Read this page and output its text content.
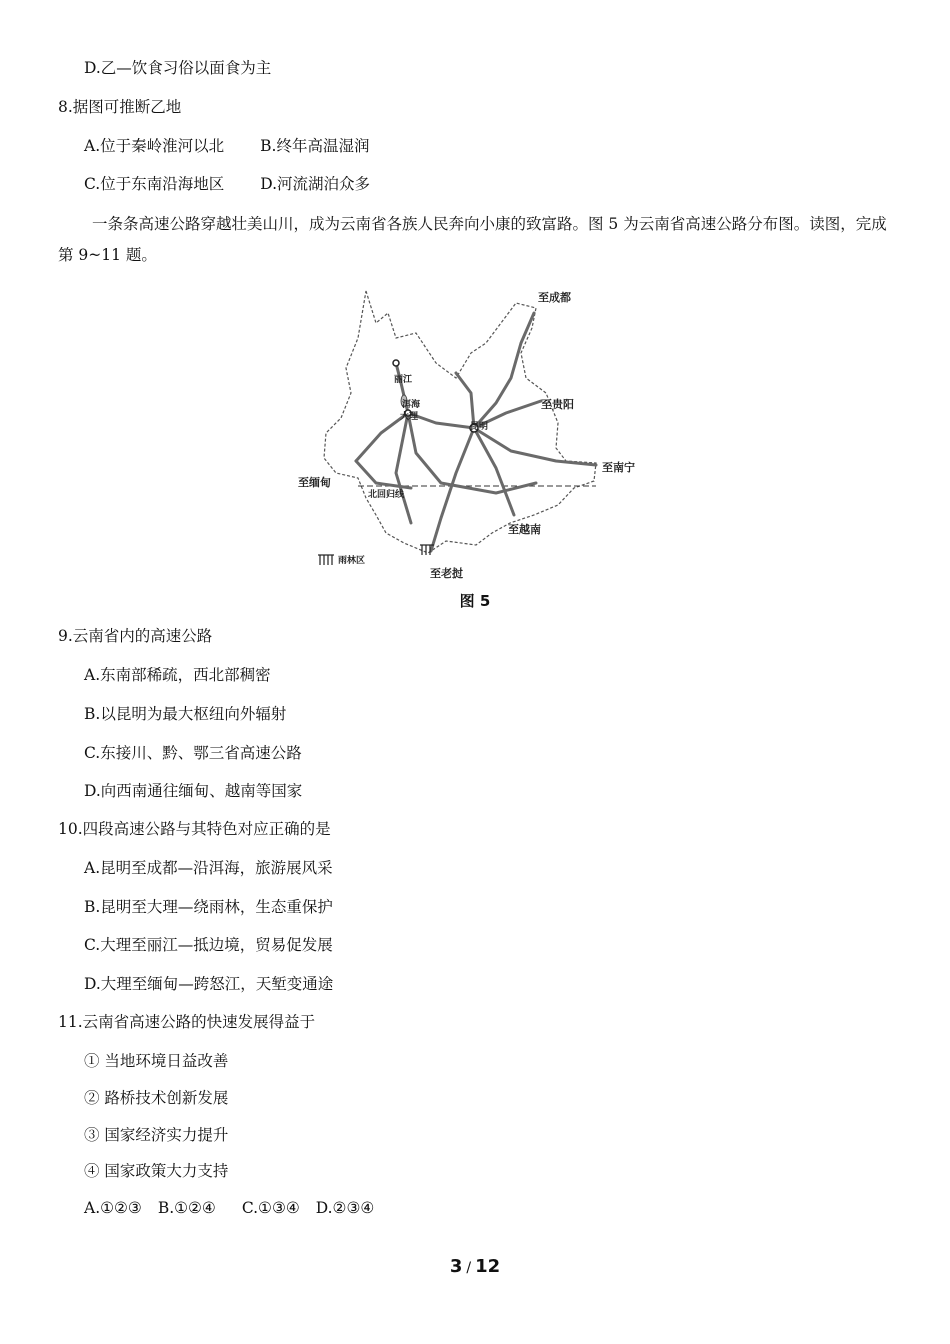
D.乙—饮食习俗以面食为主
8.据图可推断乙地
A.位于秦岭淮河以北 B.终年高温湿润
C.位于东南沿海地区 D.河流湖泊众多
一条条高速公路穿越壮美山川，成为云南省各族人民奔向小康的致富路。图 5 为云南省高速公路分布图。读图，完成第 9~11 题。
至成都
丽江
洱海
大理
至贵阳
昆明
至南宁
至缅甸
北回归线
至越南
雨林区
至老挝
图 5
9.云南省内的高速公路
A.东南部稀疏，西北部稠密
B.以昆明为最大枢纽向外辐射
C.东接川、黔、鄂三省高速公路
D.向西南通往缅甸、越南等国家
10.四段高速公路与其特色对应正确的是
A.昆明至成都—沿洱海，旅游展风采
B.昆明至大理—绕雨林，生态重保护
C.大理至丽江—抵边境，贸易促发展
D.大理至缅甸—跨怒江，天堑变通途
11.云南省高速公路的快速发展得益于
① 当地环境日益改善
② 路桥技术创新发展
③ 国家经济实力提升
④ 国家政策大力支持
A.①②③ B.①②④ C.①③④ D.②③④
3 / 12
